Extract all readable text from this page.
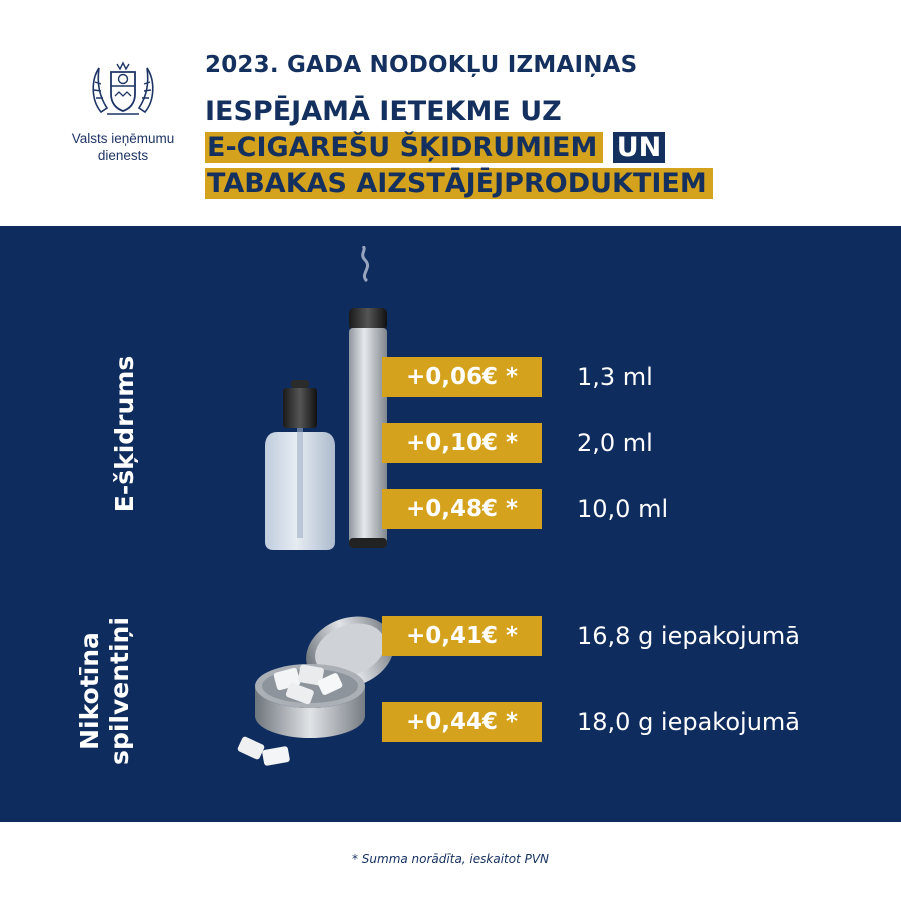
Valsts ieņēmumu
dienests
2023. GADA NODOKĻU IZMAIŅAS
IESPĒJAMĀ IETEKME UZ
E-CIGAREŠU ŠĶIDRUMIEM UN
TABAKAS AIZSTĀJĒJPRODUKTIEM
E-šķidrums
Nikotīna spilventiņi
+0,06€ *	1,3 ml
+0,10€ *	2,0 ml
+0,48€ *	10,0 ml
+0,41€ *	16,8 g iepakojumā
+0,44€ *	18,0 g iepakojumā
* Summa norādīta, ieskaitot PVN
